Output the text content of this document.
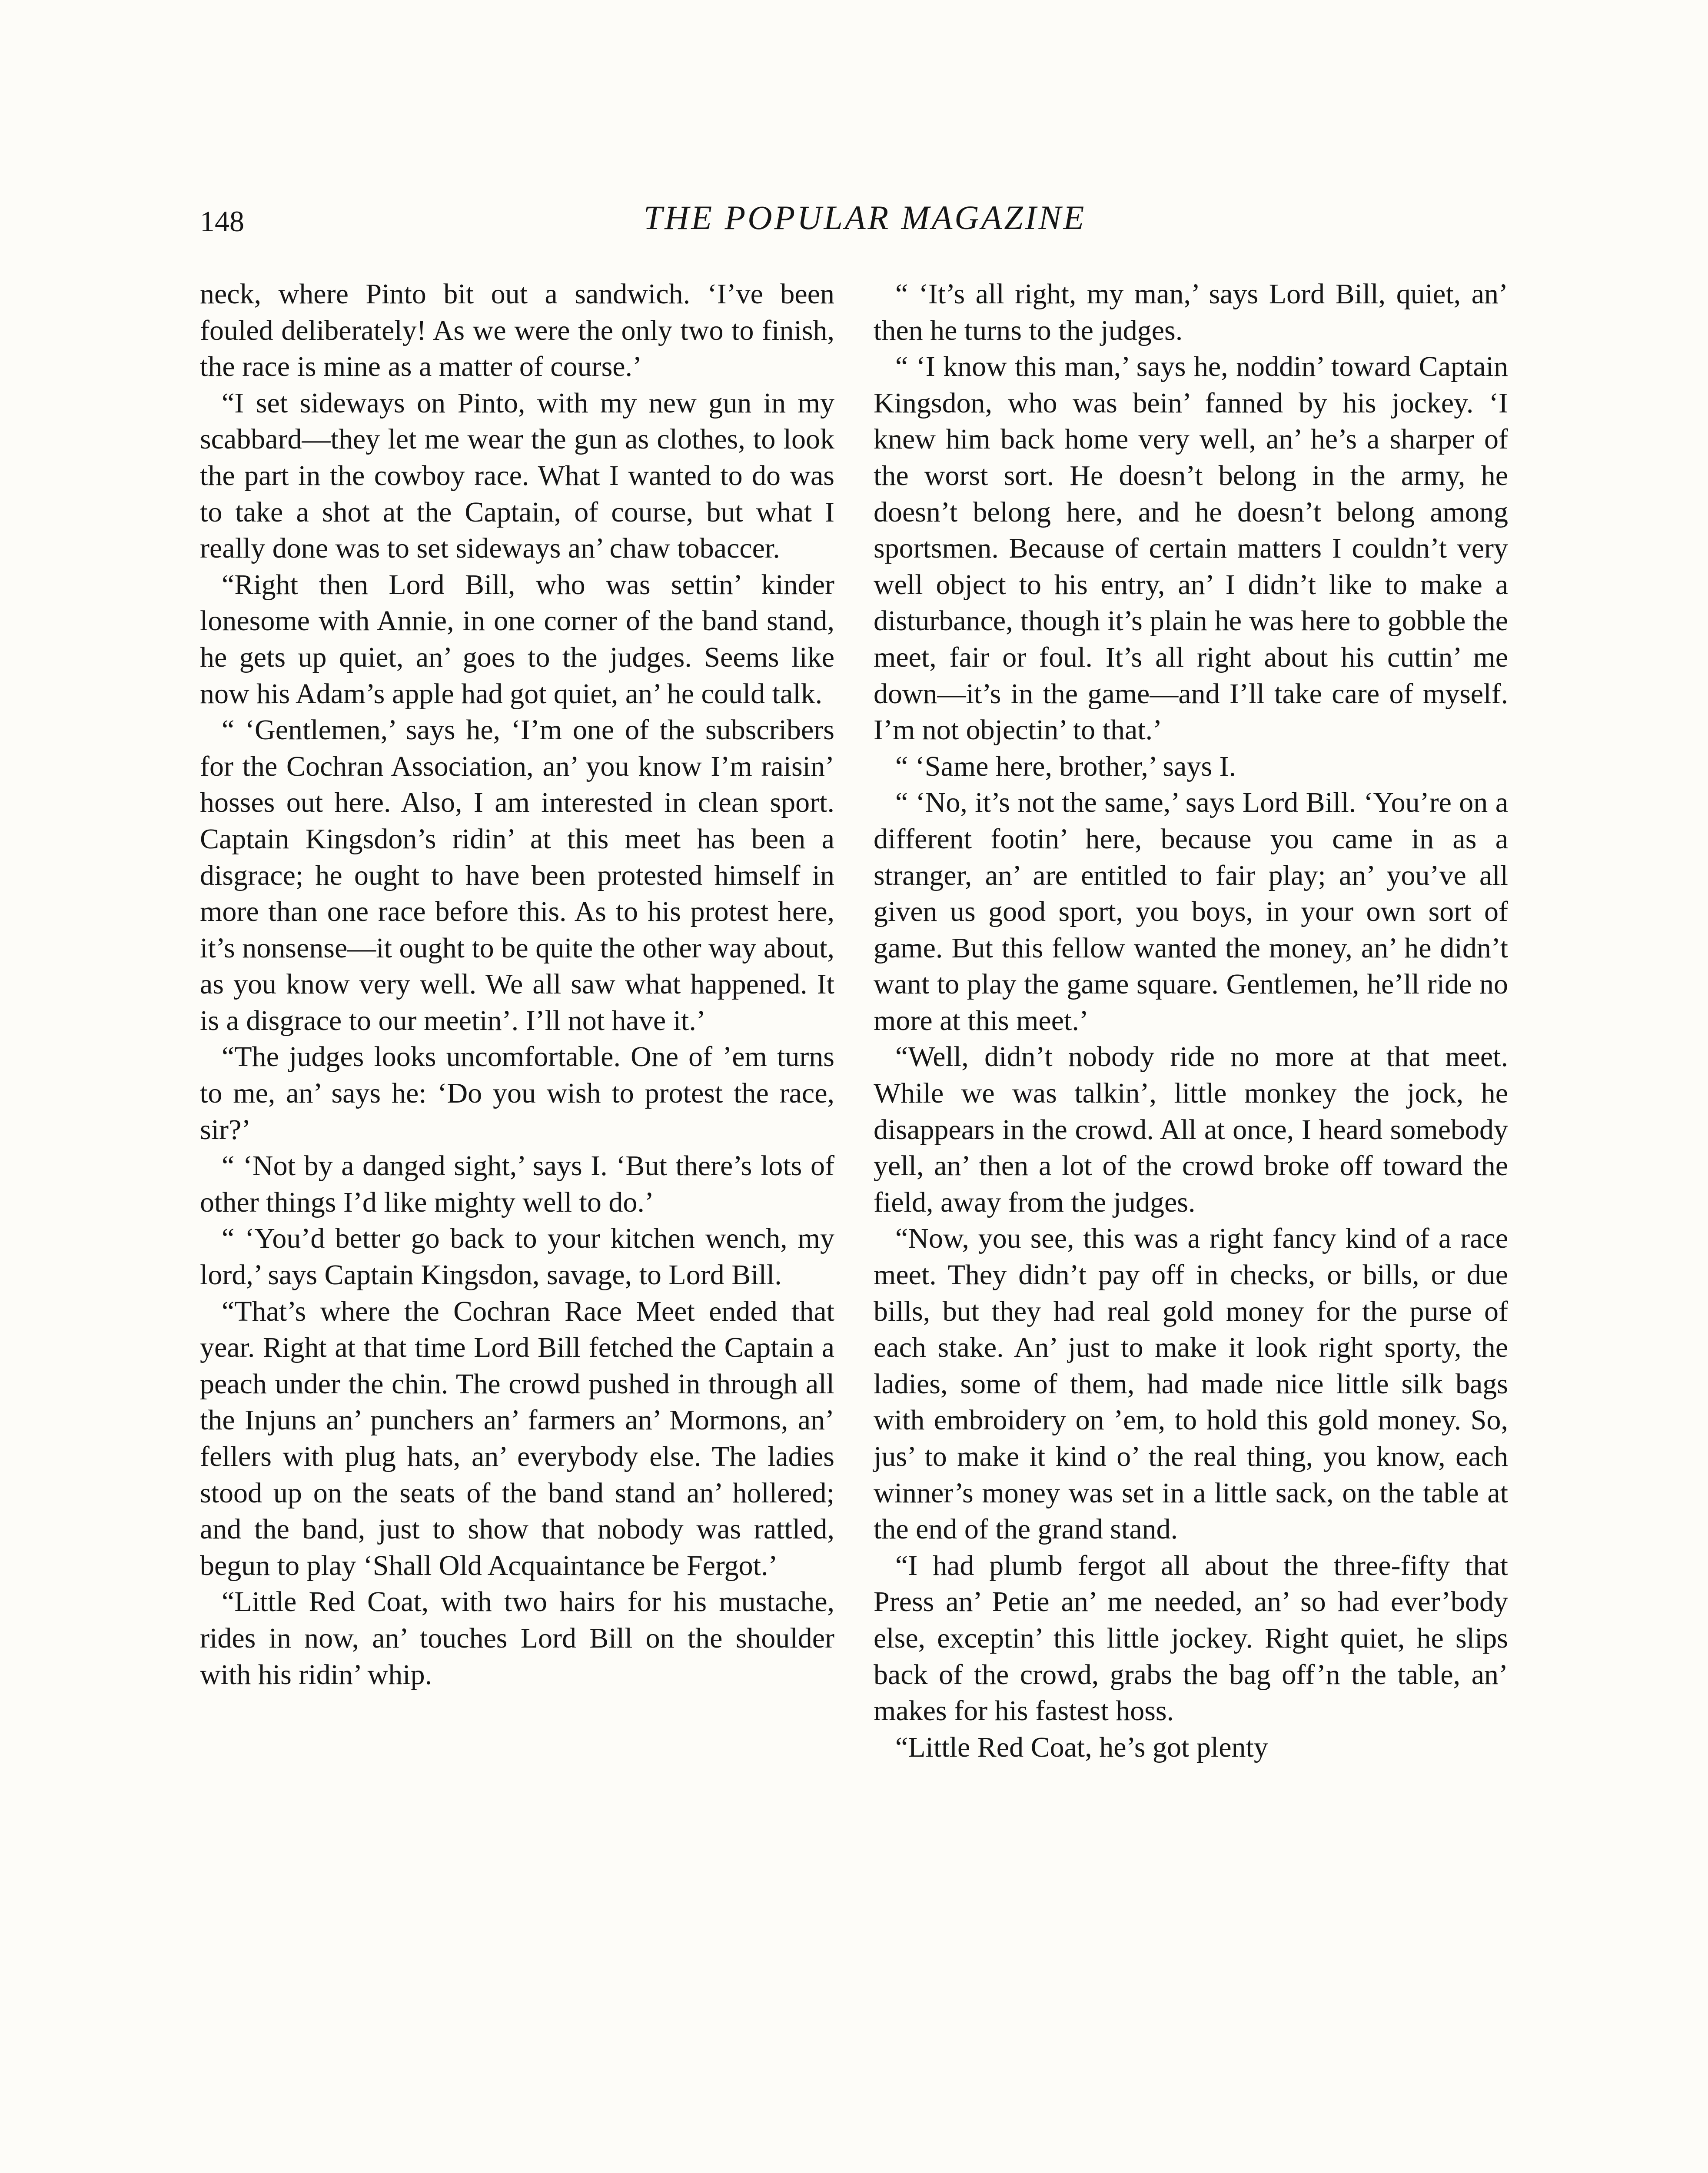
148	THE POPULAR MAGAZINE

neck, where Pinto bit out a sandwich. ‘I’ve been fouled deliberately! As we were the only two to finish, the race is mine as a matter of course.’

“I set sideways on Pinto, with my new gun in my scabbard—they let me wear the gun as clothes, to look the part in the cowboy race. What I wanted to do was to take a shot at the Captain, of course, but what I really done was to set sideways an’ chaw tobaccer.

“Right then Lord Bill, who was settin’ kinder lonesome with Annie, in one corner of the band stand, he gets up quiet, an’ goes to the judges. Seems like now his Adam’s apple had got quiet, an’ he could talk.

“ ‘Gentlemen,’ says he, ‘I’m one of the subscribers for the Cochran Association, an’ you know I’m raisin’ hosses out here. Also, I am interested in clean sport. Captain Kingsdon’s ridin’ at this meet has been a disgrace; he ought to have been protested himself in more than one race before this. As to his protest here, it’s nonsense—it ought to be quite the other way about, as you know very well. We all saw what happened. It is a disgrace to our meetin’. I’ll not have it.’

“The judges looks uncomfortable. One of ’em turns to me, an’ says he: ‘Do you wish to protest the race, sir?’

“ ‘Not by a danged sight,’ says I. ‘But there’s lots of other things I’d like mighty well to do.’

“ ‘You’d better go back to your kitchen wench, my lord,’ says Captain Kingsdon, savage, to Lord Bill.

“That’s where the Cochran Race Meet ended that year. Right at that time Lord Bill fetched the Captain a peach under the chin. The crowd pushed in through all the Injuns an’ punchers an’ farmers an’ Mormons, an’ fellers with plug hats, an’ everybody else. The ladies stood up on the seats of the band stand an’ hollered; and the band, just to show that nobody was rattled, begun to play ‘Shall Old Acquaintance be Fergot.’

“Little Red Coat, with two hairs for his mustache, rides in now, an’ touches Lord Bill on the shoulder with his ridin’ whip.

“ ‘It’s all right, my man,’ says Lord Bill, quiet, an’ then he turns to the judges.

“ ‘I know this man,’ says he, noddin’ toward Captain Kingsdon, who was bein’ fanned by his jockey. ‘I knew him back home very well, an’ he’s a sharper of the worst sort. He doesn’t belong in the army, he doesn’t belong here, and he doesn’t belong among sportsmen. Because of certain matters I couldn’t very well object to his entry, an’ I didn’t like to make a disturbance, though it’s plain he was here to gobble the meet, fair or foul. It’s all right about his cuttin’ me down—it’s in the game—and I’ll take care of myself. I’m not objectin’ to that.’

“ ‘Same here, brother,’ says I.

“ ‘No, it’s not the same,’ says Lord Bill. ‘You’re on a different footin’ here, because you came in as a stranger, an’ are entitled to fair play; an’ you’ve all given us good sport, you boys, in your own sort of game. But this fellow wanted the money, an’ he didn’t want to play the game square. Gentlemen, he’ll ride no more at this meet.’

“Well, didn’t nobody ride no more at that meet. While we was talkin’, little monkey the jock, he disappears in the crowd. All at once, I heard somebody yell, an’ then a lot of the crowd broke off toward the field, away from the judges.

“Now, you see, this was a right fancy kind of a race meet. They didn’t pay off in checks, or bills, or due bills, but they had real gold money for the purse of each stake. An’ just to make it look right sporty, the ladies, some of them, had made nice little silk bags with embroidery on ’em, to hold this gold money. So, jus’ to make it kind o’ the real thing, you know, each winner’s money was set in a little sack, on the table at the end of the grand stand.

“I had plumb fergot all about the three-fifty that Press an’ Petie an’ me needed, an’ so had ever’body else, exceptin’ this little jockey. Right quiet, he slips back of the crowd, grabs the bag off’n the table, an’ makes for his fastest hoss.

“Little Red Coat, he’s got plenty
